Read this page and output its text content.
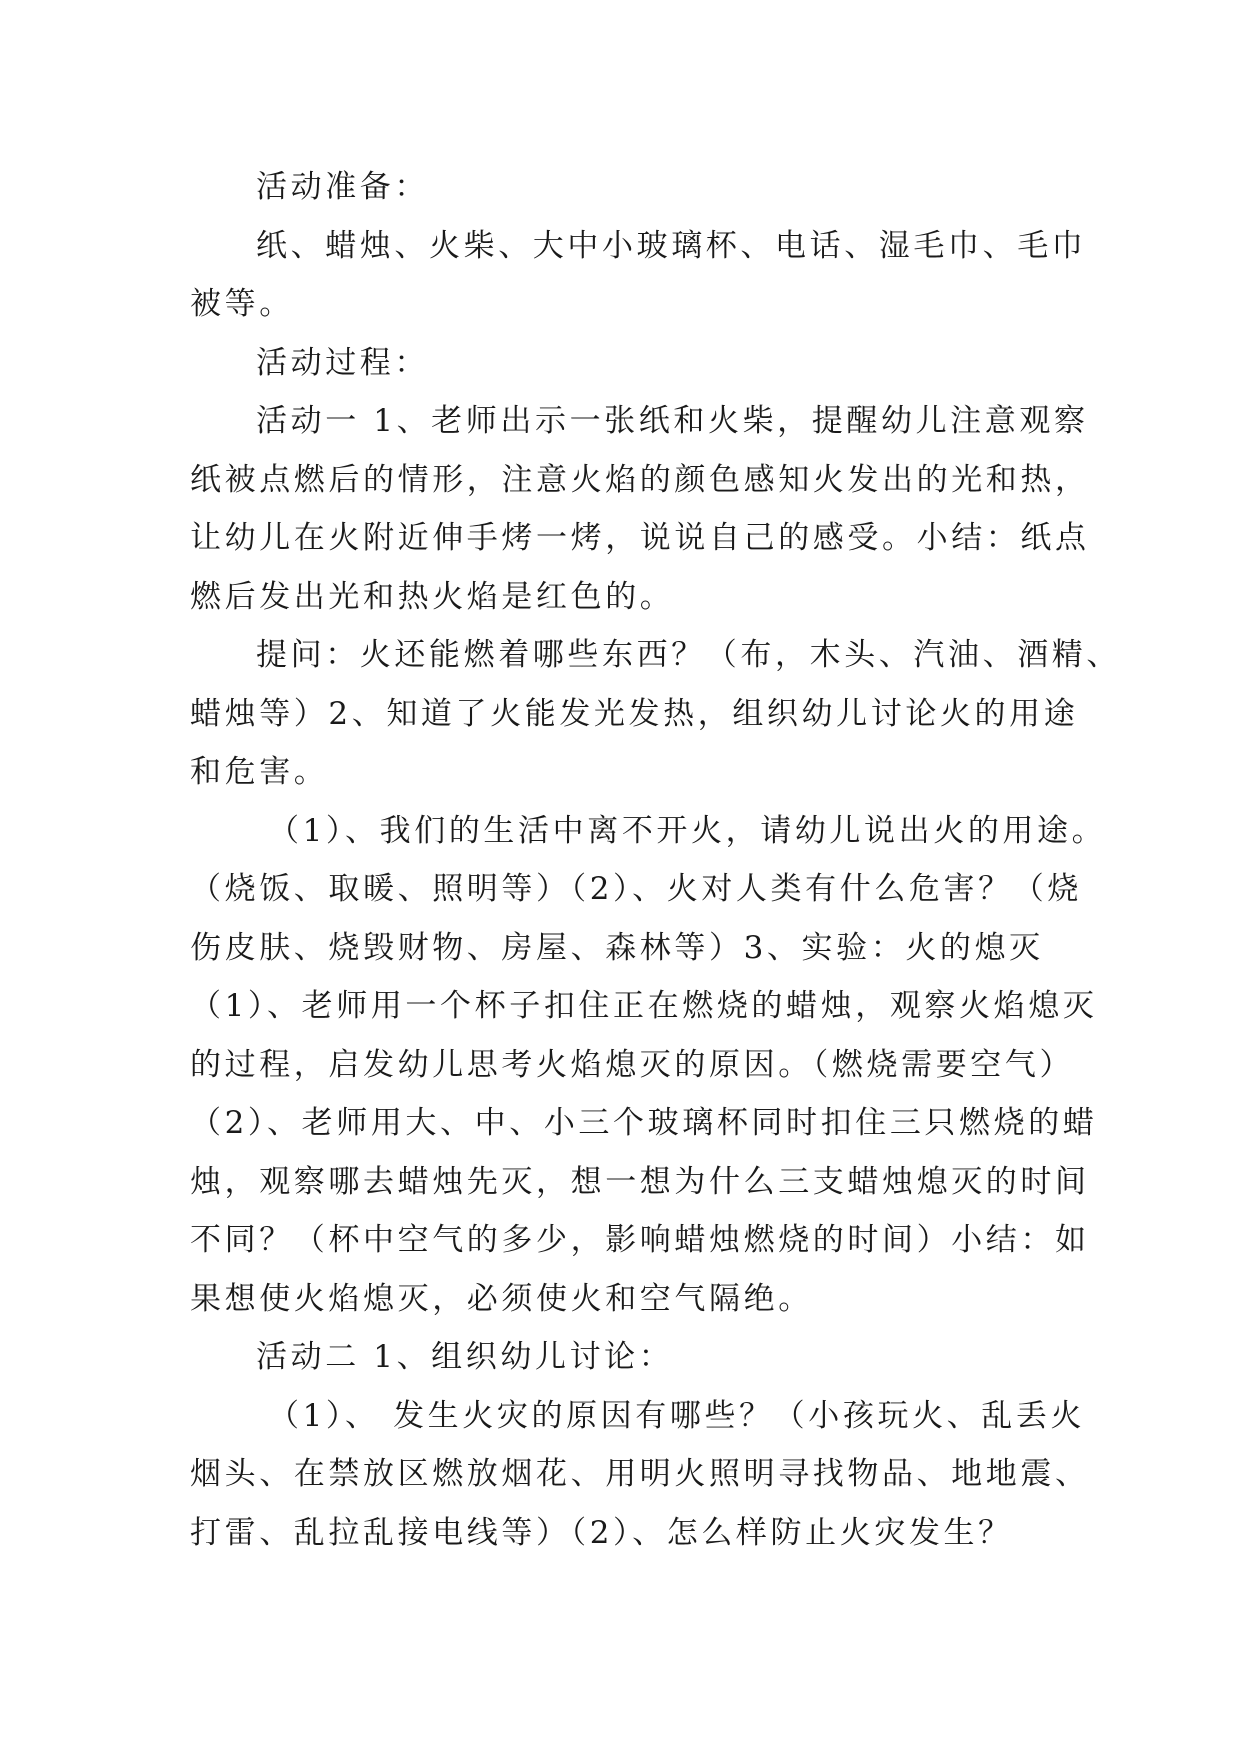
活动准备：
纸、蜡烛、火柴、大中小玻璃杯、电话、湿毛巾、毛巾
被等。
活动过程：
活动一 1、老师出示一张纸和火柴，提醒幼儿注意观察
纸被点燃后的情形，注意火焰的颜色感知火发出的光和热，
让幼儿在火附近伸手烤一烤，说说自己的感受。小结：纸点
燃后发出光和热火焰是红色的。
提问：火还能燃着哪些东西？（布，木头、汽油、酒精、
蜡烛等）2、知道了火能发光发热，组织幼儿讨论火的用途
和危害。
（1）、我们的生活中离不开火，请幼儿说出火的用途。
（烧饭、取暖、照明等）（2）、火对人类有什么危害？（烧
伤皮肤、烧毁财物、房屋、森林等）3、实验：火的熄灭
（1）、老师用一个杯子扣住正在燃烧的蜡烛，观察火焰熄灭
的过程，启发幼儿思考火焰熄灭的原因。（燃烧需要空气）
（2）、老师用大、中、小三个玻璃杯同时扣住三只燃烧的蜡
烛，观察哪去蜡烛先灭，想一想为什么三支蜡烛熄灭的时间
不同？（杯中空气的多少，影响蜡烛燃烧的时间）小结：如
果想使火焰熄灭，必须使火和空气隔绝。
活动二 1、组织幼儿讨论：
（1）、 发生火灾的原因有哪些？（小孩玩火、乱丢火
烟头、在禁放区燃放烟花、用明火照明寻找物品、地地震、
打雷、乱拉乱接电线等）（2）、怎么样防止火灾发生？
